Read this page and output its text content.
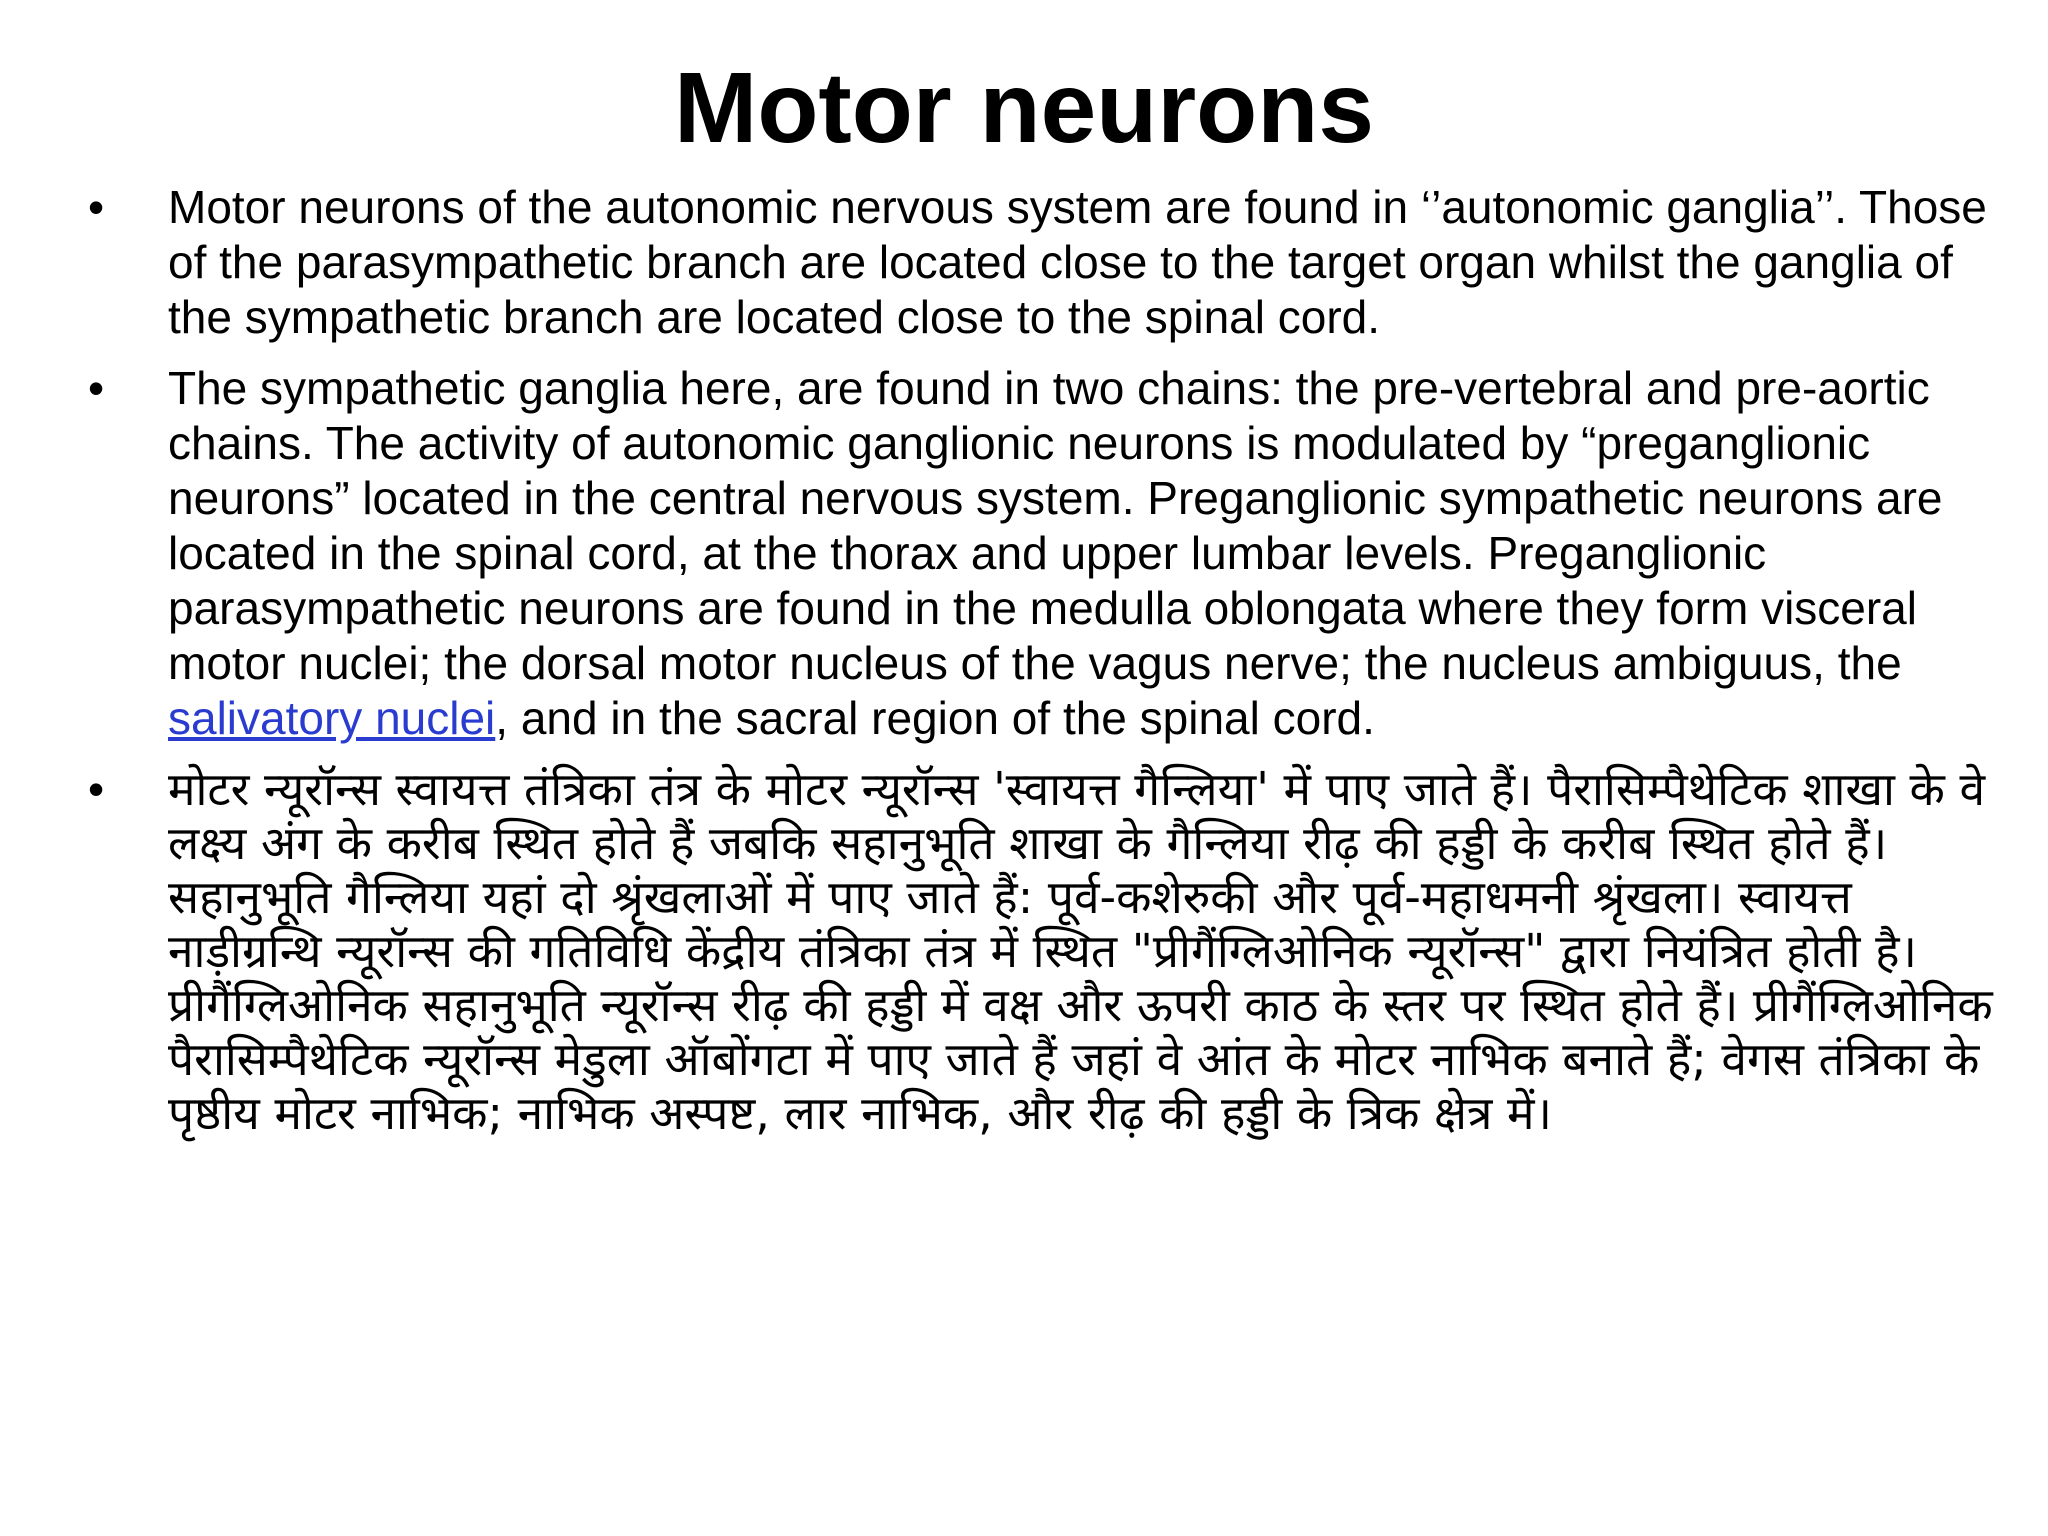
Motor neurons
•	Motor neurons of the autonomic nervous system are found in ‘’autonomic ganglia’’. Those of the parasympathetic branch are located close to the target organ whilst the ganglia of the sympathetic branch are located close to the spinal cord.
•	The sympathetic ganglia here, are found in two chains: the pre-vertebral and pre-aortic chains. The activity of autonomic ganglionic neurons is modulated by “preganglionic neurons” located in the central nervous system. Preganglionic sympathetic neurons are located in the spinal cord, at the thorax and upper lumbar levels. Preganglionic parasympathetic neurons are found in the medulla oblongata where they form visceral motor nuclei; the dorsal motor nucleus of the vagus nerve; the nucleus ambiguus, the salivatory nuclei, and in the sacral region of the spinal cord.
•	मोटर न्यूरॉन्स स्वायत्त तंत्रिका तंत्र के मोटर न्यूरॉन्स 'स्वायत्त गैन्लिया' में पाए जाते हैं। पैरासिम्पैथेटिक शाखा के वे लक्ष्य अंग के करीब स्थित होते हैं जबकि सहानुभूति शाखा के गैन्लिया रीढ़ की हड्डी के करीब स्थित होते हैं। सहानुभूति गैन्लिया यहां दो श्रृंखलाओं में पाए जाते हैं: पूर्व-कशेरुकी और पूर्व-महाधमनी श्रृंखला। स्वायत्त नाड़ीग्रन्थि न्यूरॉन्स की गतिविधि केंद्रीय तंत्रिका तंत्र में स्थित "प्रीगैंग्लिओनिक न्यूरॉन्स" द्वारा नियंत्रित होती है। प्रीगैंग्लिओनिक सहानुभूति न्यूरॉन्स रीढ़ की हड्डी में वक्ष और ऊपरी काठ के स्तर पर स्थित होते हैं। प्रीगैंग्लिओनिक पैरासिम्पैथेटिक न्यूरॉन्स मेडुला ऑबोंगटा में पाए जाते हैं जहां वे आंत के मोटर नाभिक बनाते हैं; वेगस तंत्रिका के पृष्ठीय मोटर नाभिक; नाभिक अस्पष्ट, लार नाभिक, और रीढ़ की हड्डी के त्रिक क्षेत्र में।
